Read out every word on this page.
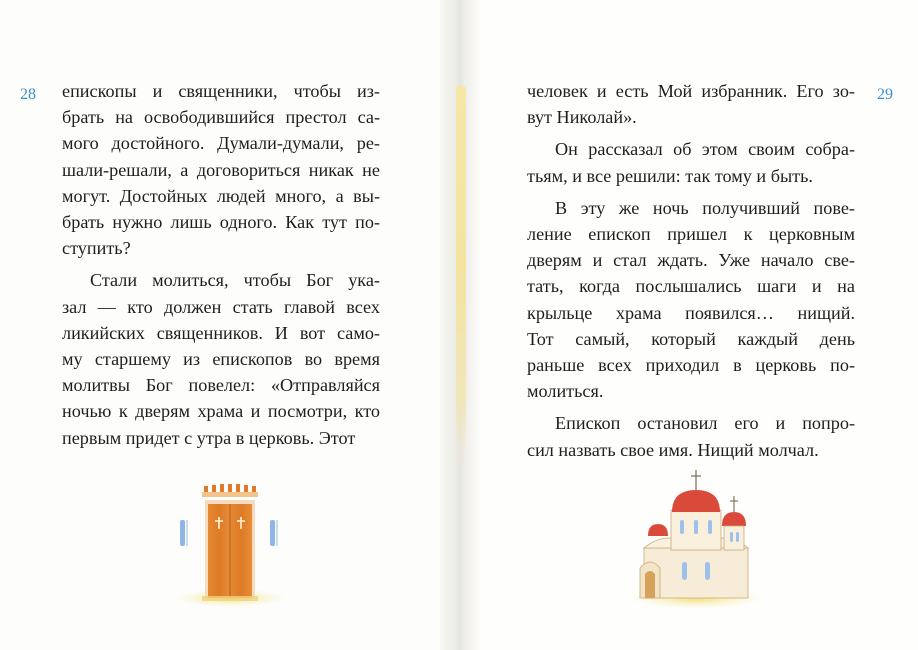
28	29

епископы и священники, чтобы из-
брать на освободившийся престол са-
мого достойного. Думали-думали, ре-
шали-решали, а договориться никак не
могут. Достойных людей много, а вы-
брать нужно лишь одного. Как тут по-
ступить?

Стали молиться, чтобы Бог ука-
зал — кто должен стать главой всех
ликийских священников. И вот само-
му старшему из епископов во время
молитвы Бог повелел: «Отправляйся
ночью к дверям храма и посмотри, кто
первым придет с утра в церковь. Этот

человек и есть Мой избранник. Его зо-
вут Николай».

Он рассказал об этом своим собра-
тьям, и все решили: так тому и быть.

В эту же ночь получивший пове-
ление епископ пришел к церковным
дверям и стал ждать. Уже начало све-
тать, когда послышались шаги и на
крыльце храма появился… нищий.
Тот самый, который каждый день
раньше всех приходил в церковь по-
молиться.

Епископ остановил его и попро-
сил назвать свое имя. Нищий молчал.
